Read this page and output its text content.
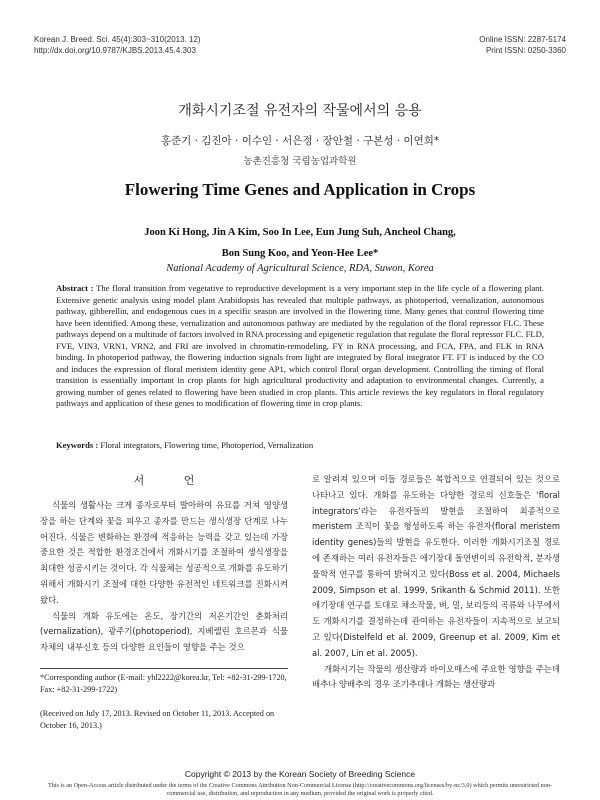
Korean J. Breed. Sci. 45(4):303~310(2013. 12)
http://dx.doi.org/10.9787/KJBS.2013.45.4.303
Online ISSN: 2287-5174
Print ISSN: 0250-3360
개화시기조절 유전자의 작물에서의 응용
홍준기 · 김진아 · 이수인 · 서은정 · 장안철 · 구본성 · 이연희*
농촌진흥청 국립농업과학원
Flowering Time Genes and Application in Crops
Joon Ki Hong, Jin A Kim, Soo In Lee, Eun Jung Suh, Ancheol Chang,
Bon Sung Koo, and Yeon-Hee Lee*
National Academy of Agricultural Science, RDA, Suwon, Korea
Abstract : The floral transition from vegetative to reproductive development is a very important step in the life cycle of a flowering plant. Extensive genetic analysis using model plant Arabidopsis has revealed that multiple pathways, as photoperiod, vernalization, autonomous pathway, gibberellin, and endogenous cues in a specific season are involved in the flowering time. Many genes that control flowering time have been identified. Among these, vernalization and autonomous pathway are mediated by the regulation of the floral repressor FLC. These pathways depend on a multitude of factors involved in RNA processing and epigenetic regulation that regulate the floral repressor FLC. FLD, FVE, VIN3, VRN1, VRN2, and FRI are involved in chromatin-remodeling, FY in RNA processing, and FCA, FPA, and FLK in RNA binding. In photoperiod pathway, the flowering induction signals from light are integrated by floral integrator FT. FT is induced by the CO and induces the expression of floral meristem identity gene AP1, which control floral organ development. Controlling the timing of floral transition is essentially important in crop plants for high agricultural productivity and adaptation to environmental changes. Currently, a growing number of genes related to flowering have been studied in crop plants. This article reviews the key regulators in floral regulatory pathways and application of these genes to modification of flowering time in crop plants.
Keywords : Floral integrators, Flowering time, Photoperiod, Vernalization
서 언

식물의 생활사는 크게 종자로부터 발아하여 유묘를 거쳐 영양생장을 하는 단계와 꽃을 피우고 종자를 만드는 생식생장 단계로 나누어진다. 식물은 변화하는 환경에 적응하는 능력을 갖고 있는데 가장 중요한 것은 적합한 환경조건에서 개화시기를 조절하여 생식생장을 최대한 성공시키는 것이다. 각 식물체는 성공적으로 개화를 유도하기 위해서 개화시기 조절에 대한 다양한 유전적인 네트워크를 진화시켜왔다.

식물의 개화 유도에는 온도, 장기간의 저온기간인 춘화처리(vernalization), 광주기(photoperiod), 지베렐린 호르몬과 식물 자체의 내부신호 등의 다양한 요인들이 영향을 주는 것으

*Corresponding author (E-mail: yhl2222@korea.kr, Tel: +82-31-299-1720, Fax: +82-31-299-1722)
(Received on July 17, 2013. Revised on October 11, 2013. Accepted on October 16, 2013.)

로 알려져 있으며 이들 경로들은 복합적으로 연결되어 있는 것으로 나타나고 있다. 개화를 유도하는 다양한 경로의 신호들은 ‘floral integrators’라는 유전자들의 발현을 조절하여 최종적으로 meristem 조직이 꽃을 형성하도록 하는 유전자(floral meristem identity genes)들의 발현을 유도한다. 이러한 개화시기조절 경로에 존재하는 여러 유전자들은 애기장대 돌연변이의 유전학적, 분자생물학적 연구를 통하여 밝혀지고 있다(Boss et al. 2004, Michaels 2009, Simpson et al. 1999, Srikanth & Schmid 2011). 또한 애기장대 연구를 토대로 채소작물, 벼, 밀, 보리등의 곡류와 나무에서도 개화시기를 결정하는데 관여하는 유전자들이 지속적으로 보고되고 있다(Distelfeld et al. 2009, Greenup et al. 2009, Kim et al. 2007, Lin et al. 2005).

개화시기는 작물의 생산량과 바이오매스에 주요한 영향을 주는데 배추나 양배추의 경우 조기추대나 개화는 생산량과

Copyright © 2013 by the Korean Society of Breeding Science
This is an Open-Access article distributed under the terms of the Creative Commons Attribution Non-Commercial License (http://creativecommons.org/licenses/by-nc/3.0) which permits unrestricted non-commercial use, distribution, and reproduction in any medium, provided the original work is properly cited.
